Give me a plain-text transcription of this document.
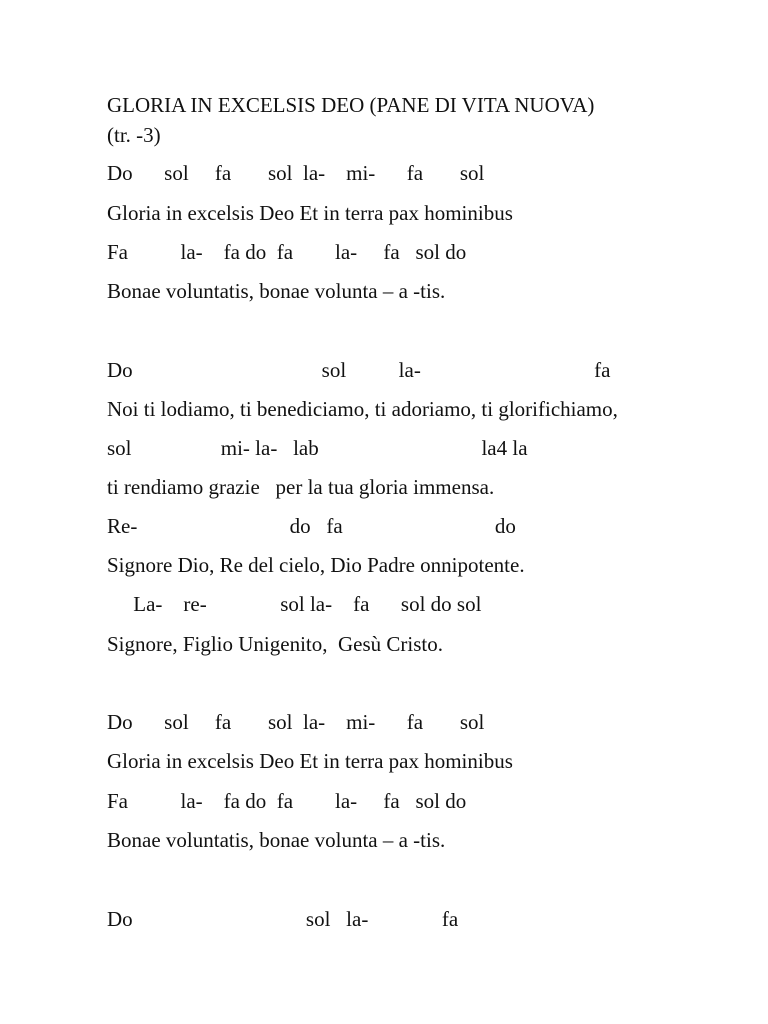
GLORIA IN EXCELSIS DEO (PANE DI VITA NUOVA)

(tr. -3)

Do      sol     fa       sol  la-    mi-      fa       sol

Gloria in excelsis Deo Et in terra pax hominibus

Fa          la-    fa do  fa        la-     fa   sol do

Bonae voluntatis, bonae volunta – a -tis.

Do                                    sol          la-                                 fa

Noi ti lodiamo, ti benediciamo, ti adoriamo, ti glorifichiamo,

sol                 mi- la-   lab                               la4 la

ti rendiamo grazie   per la tua gloria immensa.

Re-                             do   fa                             do

Signore Dio, Re del cielo, Dio Padre onnipotente.

La-    re-              sol la-    fa      sol do sol

Signore, Figlio Unigenito,  Gesù Cristo.

Do      sol     fa       sol  la-    mi-      fa       sol

Gloria in excelsis Deo Et in terra pax hominibus

Fa          la-    fa do  fa        la-     fa   sol do

Bonae voluntatis, bonae volunta – a -tis.

Do                                 sol   la-              fa
